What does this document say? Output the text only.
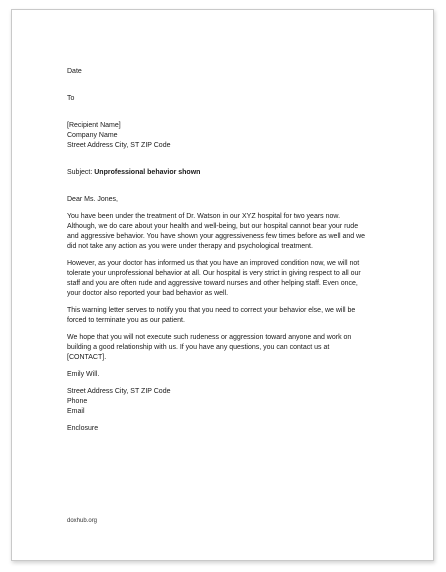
Date
To
[Recipient Name]
Company Name
Street Address City, ST ZIP Code
Subject: Unprofessional behavior shown
Dear Ms. Jones,
You have been under the treatment of Dr. Watson in our XYZ hospital for two years now.
Although, we do care about your health and well-being, but our hospital cannot bear your rude
and aggressive behavior. You have shown your aggressiveness few times before as well and we
did not take any action as you were under therapy and psychological treatment.
However, as your doctor has informed us that you have an improved condition now, we will not
tolerate your unprofessional behavior at all. Our hospital is very strict in giving respect to all our
staff and you are often rude and aggressive toward nurses and other helping staff. Even once,
your doctor also reported your bad behavior as well.
This warning letter serves to notify you that you need to correct your behavior else, we will be
forced to terminate you as our patient.
We hope that you will not execute such rudeness or aggression toward anyone and work on
building a good relationship with us. If you have any questions, you can contact us at
[CONTACT].
Emily Will.
Street Address City, ST ZIP Code
Phone
Email
Enclosure
doxhub.org
